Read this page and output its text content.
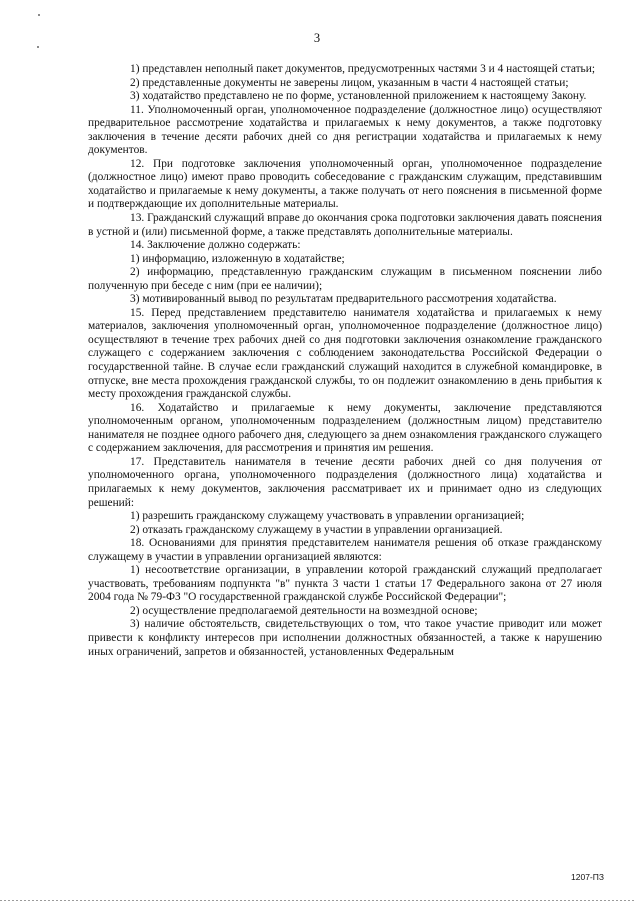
3

1) представлен неполный пакет документов, предусмотренных частями 3 и 4 настоящей статьи;

2) представленные документы не заверены лицом, указанным в части 4 настоящей статьи;

3) ходатайство представлено не по форме, установленной приложением к настоящему Закону.

11. Уполномоченный орган, уполномоченное подразделение (должностное лицо) осуществляют предварительное рассмотрение ходатайства и прилагаемых к нему документов, а также подготовку заключения в течение десяти рабочих дней со дня регистрации ходатайства и прилагаемых к нему документов.

12. При подготовке заключения уполномоченный орган, уполномоченное подразделение (должностное лицо) имеют право проводить собеседование с гражданским служащим, представившим ходатайство и прилагаемые к нему документы, а также получать от него пояснения в письменной форме и подтверждающие их дополнительные материалы.

13. Гражданский служащий вправе до окончания срока подготовки заключения давать пояснения в устной и (или) письменной форме, а также представлять дополнительные материалы.

14. Заключение должно содержать:

1) информацию, изложенную в ходатайстве;

2) информацию, представленную гражданским служащим в письменном пояснении либо полученную при беседе с ним (при ее наличии);

3) мотивированный вывод по результатам предварительного рассмотрения ходатайства.

15. Перед представлением представителю нанимателя ходатайства и прилагаемых к нему материалов, заключения уполномоченный орган, уполномоченное подразделение (должностное лицо) осуществляют в течение трех рабочих дней со дня подготовки заключения ознакомление гражданского служащего с содержанием заключения с соблюдением законодательства Российской Федерации о государственной тайне. В случае если гражданский служащий находится в служебной командировке, в отпуске, вне места прохождения гражданской службы, то он подлежит ознакомлению в день прибытия к месту прохождения гражданской службы.

16. Ходатайство и прилагаемые к нему документы, заключение представляются уполномоченным органом, уполномоченным подразделением (должностным лицом) представителю нанимателя не позднее одного рабочего дня, следующего за днем ознакомления гражданского служащего с содержанием заключения, для рассмотрения и принятия им решения.

17. Представитель нанимателя в течение десяти рабочих дней со дня получения от уполномоченного органа, уполномоченного подразделения (должностного лица) ходатайства и прилагаемых к нему документов, заключения рассматривает их и принимает одно из следующих решений:

1) разрешить гражданскому служащему участвовать в управлении организацией;

2) отказать гражданскому служащему в участии в управлении организацией.

18. Основаниями для принятия представителем нанимателя решения об отказе гражданскому служащему в участии в управлении организацией являются:

1) несоответствие организации, в управлении которой гражданский служащий предполагает участвовать, требованиям подпункта "в" пункта 3 части 1 статьи 17 Федерального закона от 27 июля 2004 года № 79-ФЗ "О государственной гражданской службе Российской Федерации";

2) осуществление предполагаемой деятельности на возмездной основе;

3) наличие обстоятельств, свидетельствующих о том, что такое участие приводит или может привести к конфликту интересов при исполнении должностных обязанностей, а также к нарушению иных ограничений, запретов и обязанностей, установленных Федеральным

1207-ПЗ
